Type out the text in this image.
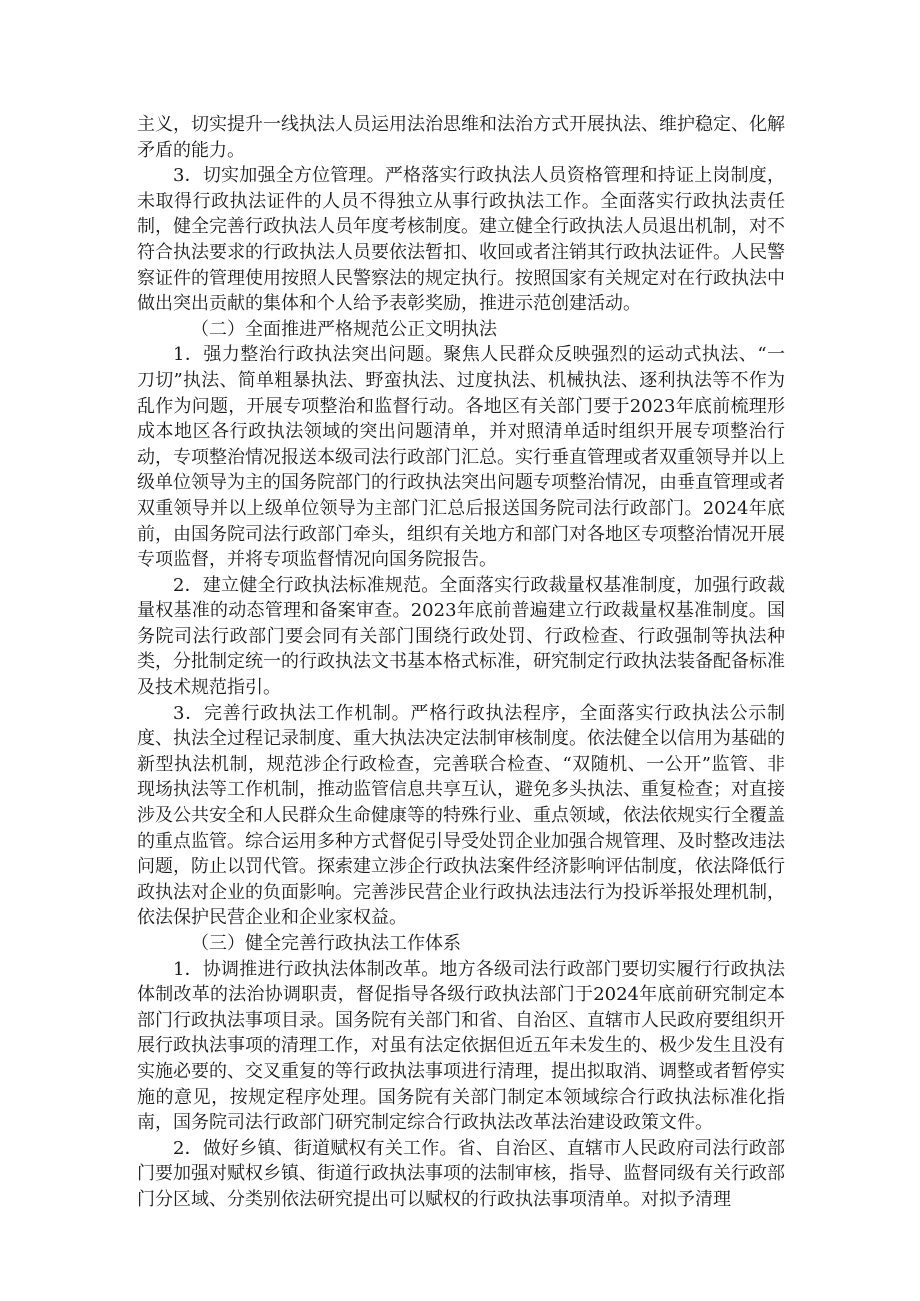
主义，切实提升一线执法人员运用法治思维和法治方式开展执法、维护稳定、化解矛盾的能力。

3．切实加强全方位管理。严格落实行政执法人员资格管理和持证上岗制度，未取得行政执法证件的人员不得独立从事行政执法工作。全面落实行政执法责任制，健全完善行政执法人员年度考核制度。建立健全行政执法人员退出机制，对不符合执法要求的行政执法人员要依法暂扣、收回或者注销其行政执法证件。人民警察证件的管理使用按照人民警察法的规定执行。按照国家有关规定对在行政执法中做出突出贡献的集体和个人给予表彰奖励，推进示范创建活动。

（二）全面推进严格规范公正文明执法

1．强力整治行政执法突出问题。聚焦人民群众反映强烈的运动式执法、“一刀切”执法、简单粗暴执法、野蛮执法、过度执法、机械执法、逐利执法等不作为乱作为问题，开展专项整治和监督行动。各地区有关部门要于2023年底前梳理形成本地区各行政执法领域的突出问题清单，并对照清单适时组织开展专项整治行动，专项整治情况报送本级司法行政部门汇总。实行垂直管理或者双重领导并以上级单位领导为主的国务院部门的行政执法突出问题专项整治情况，由垂直管理或者双重领导并以上级单位领导为主部门汇总后报送国务院司法行政部门。2024年底前，由国务院司法行政部门牵头，组织有关地方和部门对各地区专项整治情况开展专项监督，并将专项监督情况向国务院报告。

2．建立健全行政执法标准规范。全面落实行政裁量权基准制度，加强行政裁量权基准的动态管理和备案审查。2023年底前普遍建立行政裁量权基准制度。国务院司法行政部门要会同有关部门围绕行政处罚、行政检查、行政强制等执法种类，分批制定统一的行政执法文书基本格式标准，研究制定行政执法装备配备标准及技术规范指引。

3．完善行政执法工作机制。严格行政执法程序，全面落实行政执法公示制度、执法全过程记录制度、重大执法决定法制审核制度。依法健全以信用为基础的新型执法机制，规范涉企行政检查，完善联合检查、“双随机、一公开”监管、非现场执法等工作机制，推动监管信息共享互认，避免多头执法、重复检查；对直接涉及公共安全和人民群众生命健康等的特殊行业、重点领域，依法依规实行全覆盖的重点监管。综合运用多种方式督促引导受处罚企业加强合规管理、及时整改违法问题，防止以罚代管。探索建立涉企行政执法案件经济影响评估制度，依法降低行政执法对企业的负面影响。完善涉民营企业行政执法违法行为投诉举报处理机制，依法保护民营企业和企业家权益。

（三）健全完善行政执法工作体系

1．协调推进行政执法体制改革。地方各级司法行政部门要切实履行行政执法体制改革的法治协调职责，督促指导各级行政执法部门于2024年底前研究制定本部门行政执法事项目录。国务院有关部门和省、自治区、直辖市人民政府要组织开展行政执法事项的清理工作，对虽有法定依据但近五年未发生的、极少发生且没有实施必要的、交叉重复的等行政执法事项进行清理，提出拟取消、调整或者暂停实施的意见，按规定程序处理。国务院有关部门制定本领域综合行政执法标准化指南，国务院司法行政部门研究制定综合行政执法改革法治建设政策文件。

2．做好乡镇、街道赋权有关工作。省、自治区、直辖市人民政府司法行政部门要加强对赋权乡镇、街道行政执法事项的法制审核，指导、监督同级有关行政部门分区域、分类别依法研究提出可以赋权的行政执法事项清单。对拟予清理
